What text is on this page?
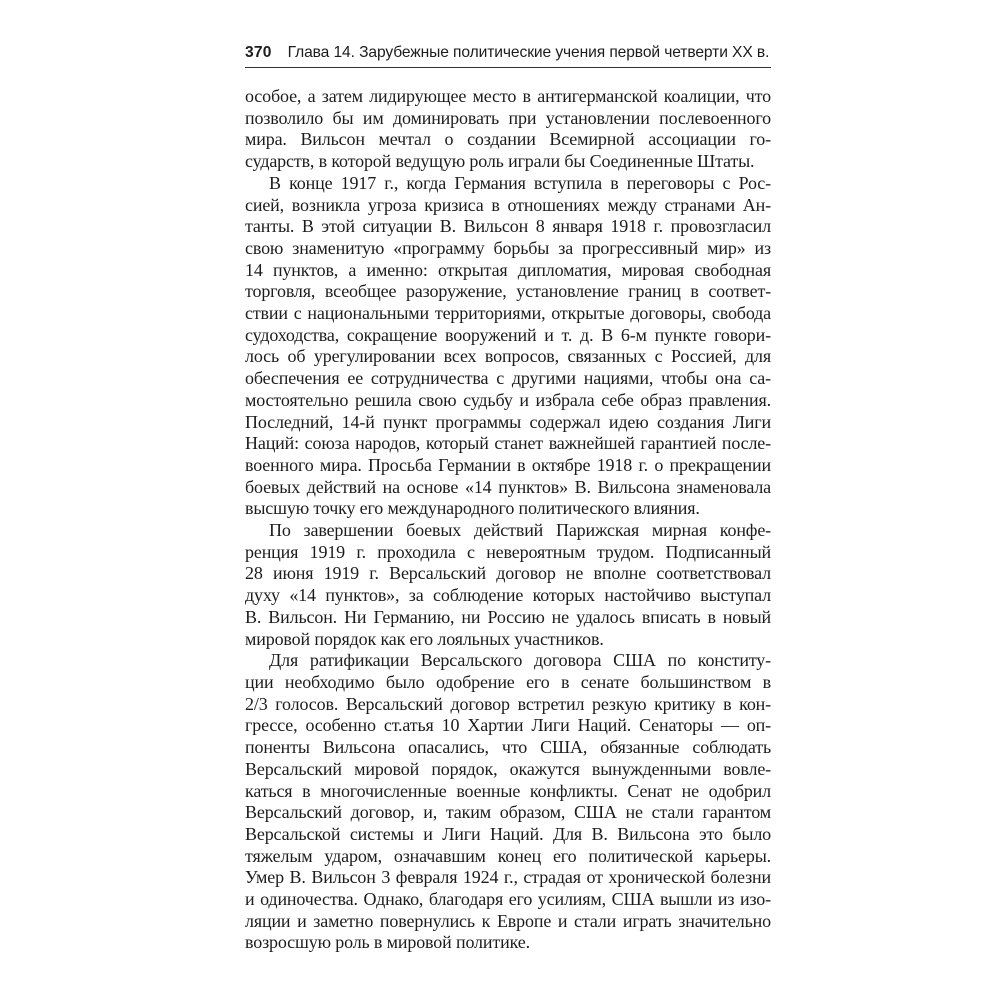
370 Глава 14. Зарубежные политические учения первой четверти XX в.

особое, а затем лидирующее место в антигерманской коалиции, что
позволило бы им доминировать при установлении послевоенного
мира. Вильсон мечтал о создании Всемирной ассоциации го-
сударств, в которой ведущую роль играли бы Соединенные Штаты.

В конце 1917 г., когда Германия вступила в переговоры с Рос-
сией, возникла угроза кризиса в отношениях между странами Ан-
танты. В этой ситуации В. Вильсон 8 января 1918 г. провозгласил
свою знаменитую «программу борьбы за прогрессивный мир» из
14 пунктов, а именно: открытая дипломатия, мировая свободная
торговля, всеобщее разоружение, установление границ в соответ-
ствии с национальными территориями, открытые договоры, свобода
судоходства, сокращение вооружений и т. д. В 6-м пункте говори-
лось об урегулировании всех вопросов, связанных с Россией, для
обеспечения ее сотрудничества с другими нациями, чтобы она са-
мостоятельно решила свою судьбу и избрала себе образ правления.
Последний, 14-й пункт программы содержал идею создания Лиги
Наций: союза народов, который станет важнейшей гарантией после-
военного мира. Просьба Германии в октябре 1918 г. о прекращении
боевых действий на основе «14 пунктов» В. Вильсона знаменовала
высшую точку его международного политического влияния.

По завершении боевых действий Парижская мирная конфе-
ренция 1919 г. проходила с невероятным трудом. Подписанный
28 июня 1919 г. Версальский договор не вполне соответствовал
духу «14 пунктов», за соблюдение которых настойчиво выступал
В. Вильсон. Ни Германию, ни Россию не удалось вписать в новый
мировой порядок как его лояльных участников.

Для ратификации Версальского договора США по конститу-
ции необходимо было одобрение его в сенате большинством в
2/3 голосов. Версальский договор встретил резкую критику в кон-
грессе, особенно ст.атья 10 Хартии Лиги Наций. Сенаторы — оп-
поненты Вильсона опасались, что США, обязанные соблюдать
Версальский мировой порядок, окажутся вынужденными вовле-
каться в многочисленные военные конфликты. Сенат не одобрил
Версальский договор, и, таким образом, США не стали гарантом
Версальской системы и Лиги Наций. Для В. Вильсона это было
тяжелым ударом, означавшим конец его политической карьеры.
Умер В. Вильсон 3 февраля 1924 г., страдая от хронической болезни
и одиночества. Однако, благодаря его усилиям, США вышли из изо-
ляции и заметно повернулись к Европе и стали играть значительно
возросшую роль в мировой политике.
